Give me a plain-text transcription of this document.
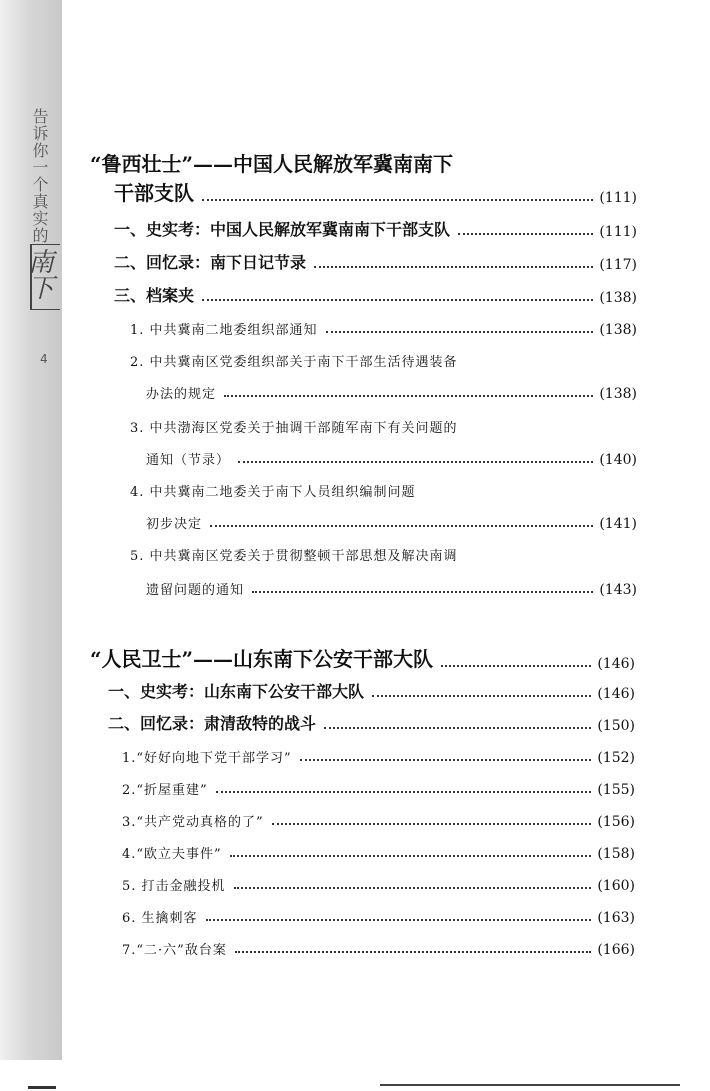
告诉你一个真实的
南下
4
“鲁西壮士”——中国人民解放军冀南南下
干部支队	(111)
一、史实考：中国人民解放军冀南南下干部支队	(111)
二、回忆录：南下日记节录	(117)
三、档案夹	(138)
1. 中共冀南二地委组织部通知	(138)
2. 中共冀南区党委组织部关于南下干部生活待遇装备
办法的规定	(138)
3. 中共渤海区党委关于抽调干部随军南下有关问题的
通知（节录）	(140)
4. 中共冀南二地委关于南下人员组织编制问题
初步决定	(141)
5. 中共冀南区党委关于贯彻整顿干部思想及解决南调
遗留问题的通知	(143)
“人民卫士”——山东南下公安干部大队	(146)
一、史实考：山东南下公安干部大队	(146)
二、回忆录：肃清敌特的战斗	(150)
1.“好好向地下党干部学习”	(152)
2.“折屋重建”	(155)
3.“共产党动真格的了”	(156)
4.“欧立夫事件”	(158)
5. 打击金融投机	(160)
6. 生擒刺客	(163)
7.“二·六”敌台案	(166)
